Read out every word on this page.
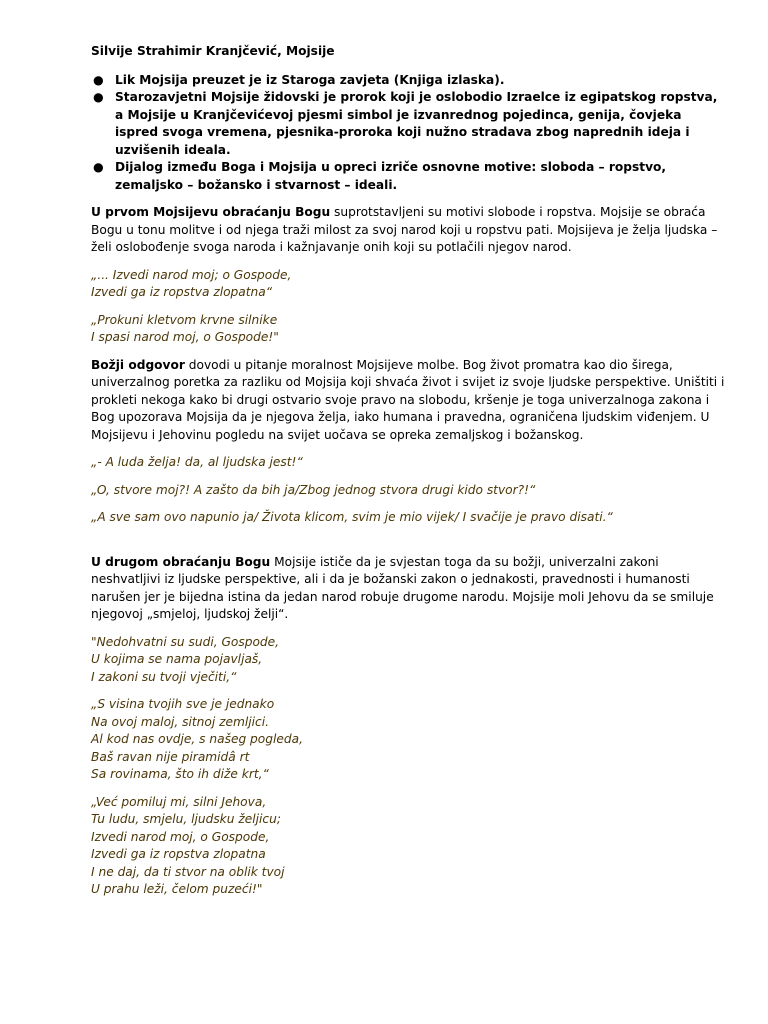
Silvije Strahimir Kranjčević, Mojsije
● Lik Mojsija preuzet je iz Staroga zavjeta (Knjiga izlaska).
● Starozavjetni Mojsije židovski je prorok koji je oslobodio Izraelce iz egipatskog ropstva, a Mojsije u Kranjčevićevoj pjesmi simbol je izvanrednog pojedinca, genija, čovjeka ispred svoga vremena, pjesnika-proroka koji nužno stradava zbog naprednih ideja i uzvišenih ideala.
● Dijalog između Boga i Mojsija u opreci izriče osnovne motive: sloboda – ropstvo, zemaljsko – božansko i stvarnost – ideali.

U prvom Mojsijevu obraćanju Bogu suprotstavljeni su motivi slobode i ropstva. Mojsije se obraća Bogu u tonu molitve i od njega traži milost za svoj narod koji u ropstvu pati. Mojsijeva je želja ljudska – želi oslobođenje svoga naroda i kažnjavanje onih koji su potlačili njegov narod.

„... Izvedi narod moj; o Gospode,
Izvedi ga iz ropstva zlopatna“
„Prokuni kletvom krvne silnike
I spasi narod moj, o Gospode!"

Božji odgovor dovodi u pitanje moralnost Mojsijeve molbe. Bog život promatra kao dio širega, univerzalnog poretka za razliku od Mojsija koji shvaća život i svijet iz svoje ljudske perspektive. Uništiti i prokleti nekoga kako bi drugi ostvario svoje pravo na slobodu, kršenje je toga univerzalnoga zakona i Bog upozorava Mojsija da je njegova želja, iako humana i pravedna, ograničena ljudskim viđenjem. U Mojsijevu i Jehovinu pogledu na svijet uočava se opreka zemaljskog i božanskog.

„- A luda želja! da, al ljudska jest!“
„O, stvore moj?! A zašto da bih ja/Zbog jednog stvora drugi kido stvor?!“
„A sve sam ovo napunio ja/ Života klicom, svim je mio vijek/ I svačije je pravo disati.“

U drugom obraćanju Bogu Mojsije ističe da je svjestan toga da su božji, univerzalni zakoni neshvatljivi iz ljudske perspektive, ali i da je božanski zakon o jednakosti, pravednosti i humanosti narušen jer je bijedna istina da jedan narod robuje drugome narodu. Mojsije moli Jehovu da se smiluje njegovoj „smjeloj, ljudskoj želji“.

"Nedohvatni su sudi, Gospode,
U kojima se nama pojavljaš,
I zakoni su tvoji vječiti,“
„S visina tvojih sve je jednako
Na ovoj maloj, sitnoj zemljici.
Al kod nas ovdje, s našeg pogleda,
Baš ravan nije piramidâ rt
Sa rovinama, što ih diže krt,“
„Već pomiluj mi, silni Jehova,
Tu ludu, smjelu, ljudsku željicu;
Izvedi narod moj, o Gospode,
Izvedi ga iz ropstva zlopatna
I ne daj, da ti stvor na oblik tvoj
U prahu leži, čelom puzeći!"
